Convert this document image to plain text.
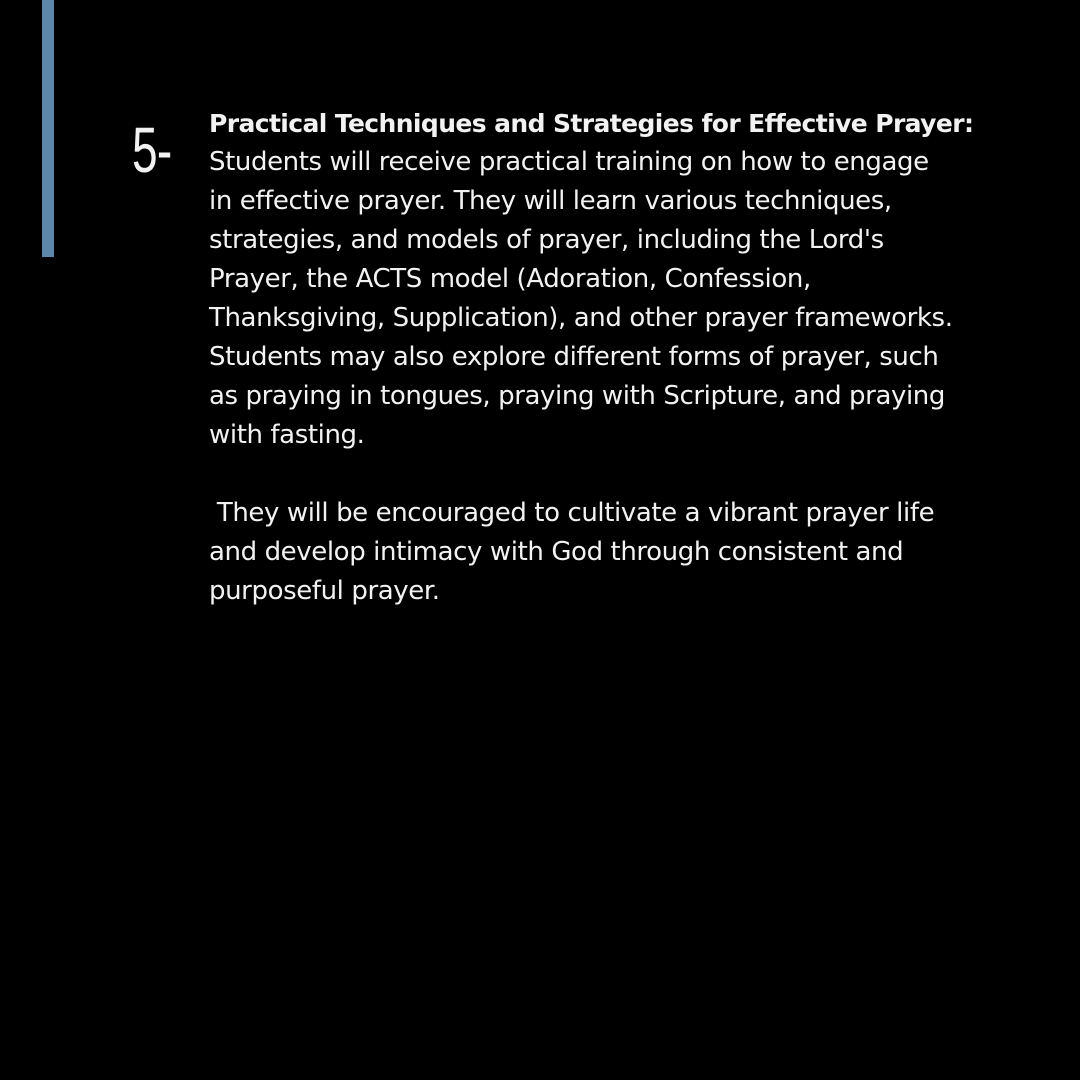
5- Practical Techniques and Strategies for Effective Prayer:
Students will receive practical training on how to engage
in effective prayer. They will learn various techniques,
strategies, and models of prayer, including the Lord's
Prayer, the ACTS model (Adoration, Confession,
Thanksgiving, Supplication), and other prayer frameworks.
Students may also explore different forms of prayer, such
as praying in tongues, praying with Scripture, and praying
with fasting.
They will be encouraged to cultivate a vibrant prayer life
and develop intimacy with God through consistent and
purposeful prayer.
